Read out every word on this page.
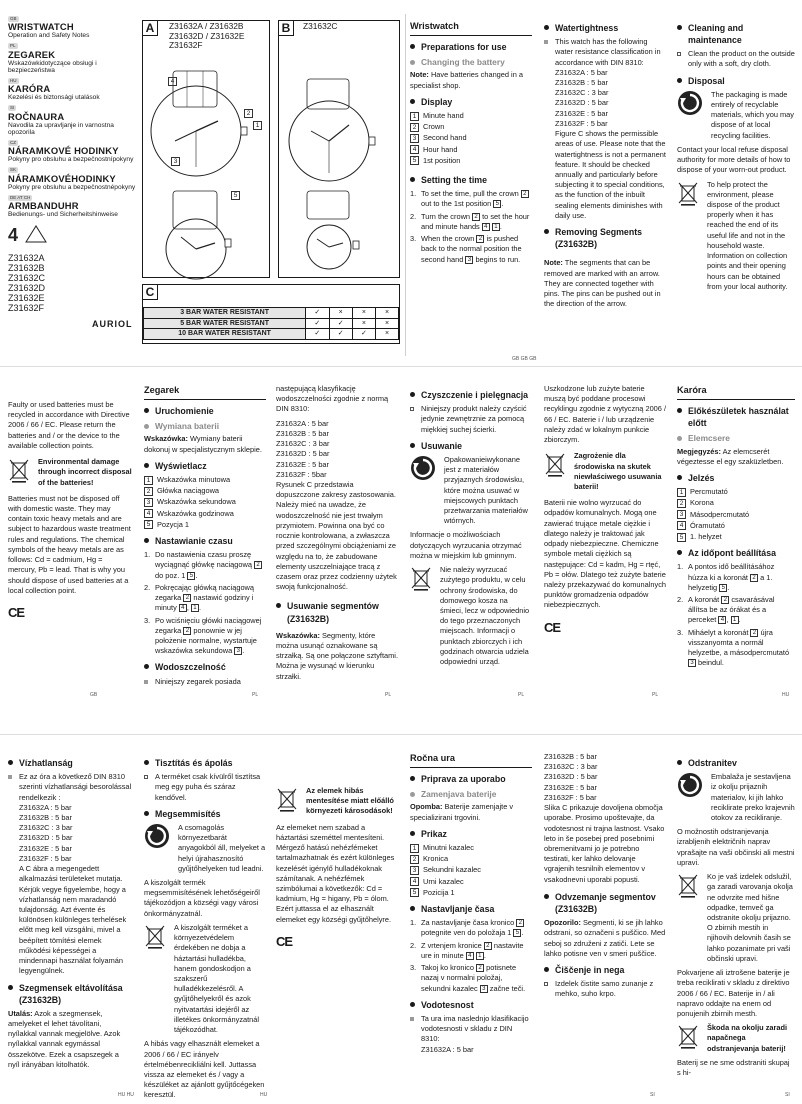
GB
WRISTWATCH
Operation and Safety Notes
PL
ZEGAREK
Wskazówkidotyczące obsługi i bezpieczeństwa
HU
KARÓRA
Kezelési és biztonsági utalások
SI
ROČNAURA
Navodila za upravljanje in varnostna opozorila
CZ
NÁRAMKOVÉ HODINKY
Pokyny pro obsluhu a bezpečnostnípokyny
SK
NÁRAMKOVÉHODINKY
Pokyny pre obsluhu a bezpečnostnépokyny
DE AT CH
ARMBANDUHR
Bedienungs- und Sicherheitshinweise
4
Z31632A
Z31632B
Z31632C
Z31632D
Z31632E
Z31632F
AURIOL
A	Z31632A / Z31632B
Z31632D / Z31632E
Z31632F
4
2
1
3
5
B	Z31632C
C
3 BAR WATER RESISTANT	✓	×	×	×
5 BAR WATER RESISTANT	✓	✓	×	×
10 BAR WATER RESISTANT	✓	✓	✓	×
Wristwatch
Preparations for use
Changing the battery

Note: Have batteries changed in a specialist shop.

Display
1 Minute hand
2 Crown
3 Second hand
4 Hour hand
5 1st position
Setting the time
1. To set the time, pull the crown 2 out to the 1st position 5 .
2. Turn the crown 2 to set the hour and minute hands 4 1 .
3. When the crown 2 is pushed back to the normal position the second hand 3 begins to run.
Watertightness
This watch has the following water resistance classification in accordance with DIN 8310:
Z31632A : 5 bar
Z31632B : 5 bar
Z31632C : 3 bar
Z31632D : 5 bar
Z31632E : 5 bar
Z31632F : 5 bar
Figure C shows the permissible areas of use. Please note that the watertightness is not a permanent feature. It should be checked annually and particularly before subjecting it to special conditions, as the function of the inbuilt sealing elements diminishes with daily use.
Removing Segments (Z31632B)

Note: The segments that can be removed are marked with an arrow. They are connected together with pins. The pins can be pushed out in the direction of the arrow.

Cleaning and maintenance
Clean the product on the outside only with a soft, dry cloth.
Disposal
The packaging is made entirely of recyclable materials, which you may dispose of at local recycling facilities.

Contact your local refuse disposal authority for more details of how to dispose of your worn-out product.

To help protect the environment, please dispose of the product properly when it has reached the end of its useful life and not in the household waste. Information on collection points and their opening hours can be obtained from your local authority.
GB GB GB

Faulty or used batteries must be recycled in accordance with Directive 2006 / 66 / EC. Please return the batteries and / or the device to the available collection points.

Environmental damage through incorrect disposal of the batteries!

Batteries must not be disposed off with domestic waste. They may contain toxic heavy metals and are subject to hazardous waste treatment rules and regulations. The chemical symbols of the heavy metals are as follows: Cd = cadmium, Hg = mercury, Pb = lead. That is why you should dispose of used batteries at a local collection point.

CE
Zegarek
Uruchomienie
Wymiana baterii

Wskazówka: Wymiany baterii dokonuj w specjalistycznym sklepie.

Wyświetlacz
1 Wskazówka minutowa
2 Główka naciągowa
3 Wskazówka sekundowa
4 Wskazówka godzinowa
5 Pozycja 1
Nastawianie czasu
1. Do nastawienia czasu proszę wyciągnąć główkę naciągową 2 do poz. 1 5 .
2. Pokręcając główką naciągową zegarka 2 nastawić godziny i minuty 4 , 1 .
3. Po wciśnięciu główki naciągowej zegarka 2 ponownie w jej położenie normalne, wystartuje wskazówka sekundowa 3 .
Wodoszczelność
Niniejszy zegarek posiada

następującą klasyfikację wodoszczelności zgodnie z normą DIN 8310:

Z31632A : 5 bar
Z31632B : 5 bar
Z31632C : 3 bar
Z31632D : 5 bar
Z31632E : 5 bar
Z31632F : 5bar

Rysunek C przedstawia dopuszczone zakresy zastosowania. Należy mieć na uwadze, że wodoszczelność nie jest trwałym przymiotem. Powinna ona być co rocznie kontrolowana, a zwłaszcza przed szczególnymi obciążeniami ze względu na to, że zabudowane elementy uszczelniające tracą z czasem oraz przez codzienny użytek swoją funkcjonalność.

Usuwanie segmentów (Z31632B)

Wskazówka: Segmenty, które można usunąć oznakowane są strzałką. Są one połączone sztyftami. Można je wysunąć w kierunku strzałki.

Czyszczenie i pielęgnacja
Niniejszy produkt należy czyścić jedynie zewnętrznie za pomocą miękkiej suchej ścierki.
Usuwanie
Opakowanieiwykonane jest z materiałów przyjaznych środowisku, które można usuwać w miejscowych punktach przetwarzania materiałów wtórnych.

Informacje o możliwościach dotyczących wyrzucania otrzymać można w miejskim lub gminnym.

Nie należy wyrzucać zużytego produktu, w celu ochrony środowiska, do domowego kosza na śmieci, lecz w odpowiednio do tego przeznaczonych miejscach. Informacji o punktach zbiorczych i ich godzinach otwarcia udziela odpowiedni urząd.

Uszkodzone lub zużyte baterie muszą być poddane procesowi recyklingu zgodnie z wytyczną 2006 / 66 / EC. Baterie i / lub urządzenie należy zdać w lokalnym punkcie zbiorczym.

Zagrożenie dla środowiska na skutek niewłaściwego usuwania baterii!

Baterii nie wolno wyrzucać do odpadów komunalnych. Mogą one zawierać trujące metale ciężkie i dlatego należy je traktować jak odpady niebezpieczne. Chemiczne symbole metali ciężkich są następujące: Cd = kadm, Hg = rtęć, Pb = ołów. Dlatego też zużyte baterie należy przekazywać do komunalnych punktów gromadzenia odpadów niebezpiecznych.

CE
Karóra
Előkészületek használat előtt
Elemcsere

Megjegyzés: Az elemcserét végeztesse el egy szaküzletben.

Jelzés
1 Percmutató
2 Korona
3 Másodpercmutató
4 Óramutató
5 1. helyzet
Az időpont beállítása
1. A pontos idő beállításához húzza ki a koronát 2 a 1. helyzetig 5 .
2. A koronát 2 csavarásával állítsa be az órákat és a perceket 4 , 1 .
3. Miháelyt a koronát 2 újra visszanyomta a normál helyzetbe, a másodpercmutató 3 beindul.
GB	PL	PL	PL	PL	HU
Vízhatlanság
Ez az óra a következő DIN 8310 szerinti vízhatlansági besorolással rendelkezik :
Z31632A : 5 bar
Z31632B : 5 bar
Z31632C : 3 bar
Z31632D : 5 bar
Z31632E : 5 bar
Z31632F : 5 bar
A C ábra a megengedett alkalmazási területeket mutatja. Kérjük vegye figyelembe, hogy a vízhatlanság nem maradandó tulajdonság. Azt évente és különösen különleges terhelések előtt meg kell vizsgálni, mivel a beépített tömítési elemek működési képességei a mindennapi használat folyamán legyengülnek.
Szegmensek eltávolítása (Z31632B)

Utalás: Azok a szegmensek, amelyeket el lehet távolítani, nyílakkal vannak megjelölve. Azok nyílakkal vannak egymással összekötve. Ezek a csapszegek a nyíl irányában kitolhatók.

Tisztítás és ápolás
A terméket csak kívülről tisztítsa meg egy puha és száraz kendővel.
Megsemmisítés
A csomagolás környezetbarát anyagokból áll, melyeket a helyi újrahasznosító gyűjtőhelyeken tud leadni.

A kiszolgált termék megsemmisítésének lehetőségeiről tájékozódjon a községi vagy városi önkormányzatnál.

A kiszolgált terméket a környezetvédelem érdekében ne dobja a háztartási hulladékba, hanem gondoskodjon a szakszerű hulladékkezelésről. A gyűjtőhelyekről és azok nyitvatartási idejéről az illetékes önkormányzatnál tájékozódhat.

A hibás vagy elhasznált elemeket a 2006 / 66 / EC irányelv értelmébenrecikliálni kell. Juttassa vissza az elemeket és / vagy a készüléket az ajánlott gyűjtőcégeken keresztül.

Az elemek hibás mentesítése miatt előálló környezeti károsodások!

Az elemeket nem szabad a háztartási szeméttel mentesíteni. Mérgező hatású nehézfémeket tartalmazhatnak és ezért különleges kezelését igénylő hulladékoknak számítanak. A nehézfémek szimbólumai a következők: Cd = kadmium, Hg = higany, Pb = ólom. Ezért juttassa el az elhasznált elemeket egy községi gyűjtőhelyre.

CE
Ročna ura
Priprava za uporabo
Zamenjava baterije

Opomba: Baterije zamenjajte v specializirani trgovini.

Prikaz
1 Minutni kazalec
2 Kronica
3 Sekundni kazalec
4 Urni kazalec
5 Pozicija 1
Nastavljanje časa
1. Za nastavljanje časa kronico 2 potegnite ven do položaja 1 5 .
2. Z vrtenjem kronice 2 nastavite ure in minute 4 1 .
3. Takoj ko kronico 2 potisnete nazaj v normalni položaj, sekundni kazalec 3 začne teči.
Vodotesnost
Ta ura ima naslednjo klasifikacijo vodotesnosti v skladu z DIN 8310:
Z31632A : 5 bar
Z31632B : 5 bar
Z31632C : 3 bar
Z31632D : 5 bar
Z31632E : 5 bar
Z31632F : 5 bar

Slika C prikazuje dovoljena območja uporabe. Prosimo upoštevajte, da vodotesnost ni trajna lastnost. Vsako leto in še posebej pred posebnimi obremenitvami jo je potrebno testirati, ker lahko delovanje vgrajenih tesnilnih elementov v vsakodnevni uporabi popusti.

Odvzemanje segmentov (Z31632B)

Opozorilo: Segmenti, ki se jih lahko odstrani, so označeni s puščico. Med seboj so združeni z zatiči. Lete se lahko potisne ven v smeri puščice.

Čiščenje in nega
Izdelek čistite samo zunanje z mehko, suho krpo.
Odstranitev
Embalaža je sestavljena iz okolju prijaznih materialov, ki jih lahko reciklirate preko krajevnih otokov za recikliranje.

O možnostih odstranjevanja izrabljenih električnih naprav vprašajte na vaši občinski ali mestni upravi.

Ko je vaš izdelek odslužil, ga zaradi varovanja okolja ne odvrzite med hišne odpadke, temveč ga odstranite okolju prijazno. O zbirnih mestih in njihovih delovnih časih se lahko pozanimate pri vaši občinski upravi.

Pokvarjene ali iztrošene baterije je treba reciklirati v skladu z direktivo 2006 / 66 / EC. Baterije in / ali napravo oddajte na enem od ponujenih zbirnih mesth.

Škoda na okolju zaradi napačnega odstranjevanja baterij!

Baterij se ne sme odstraniti skupaj s hi-

HU HU	HU	SI	SI
